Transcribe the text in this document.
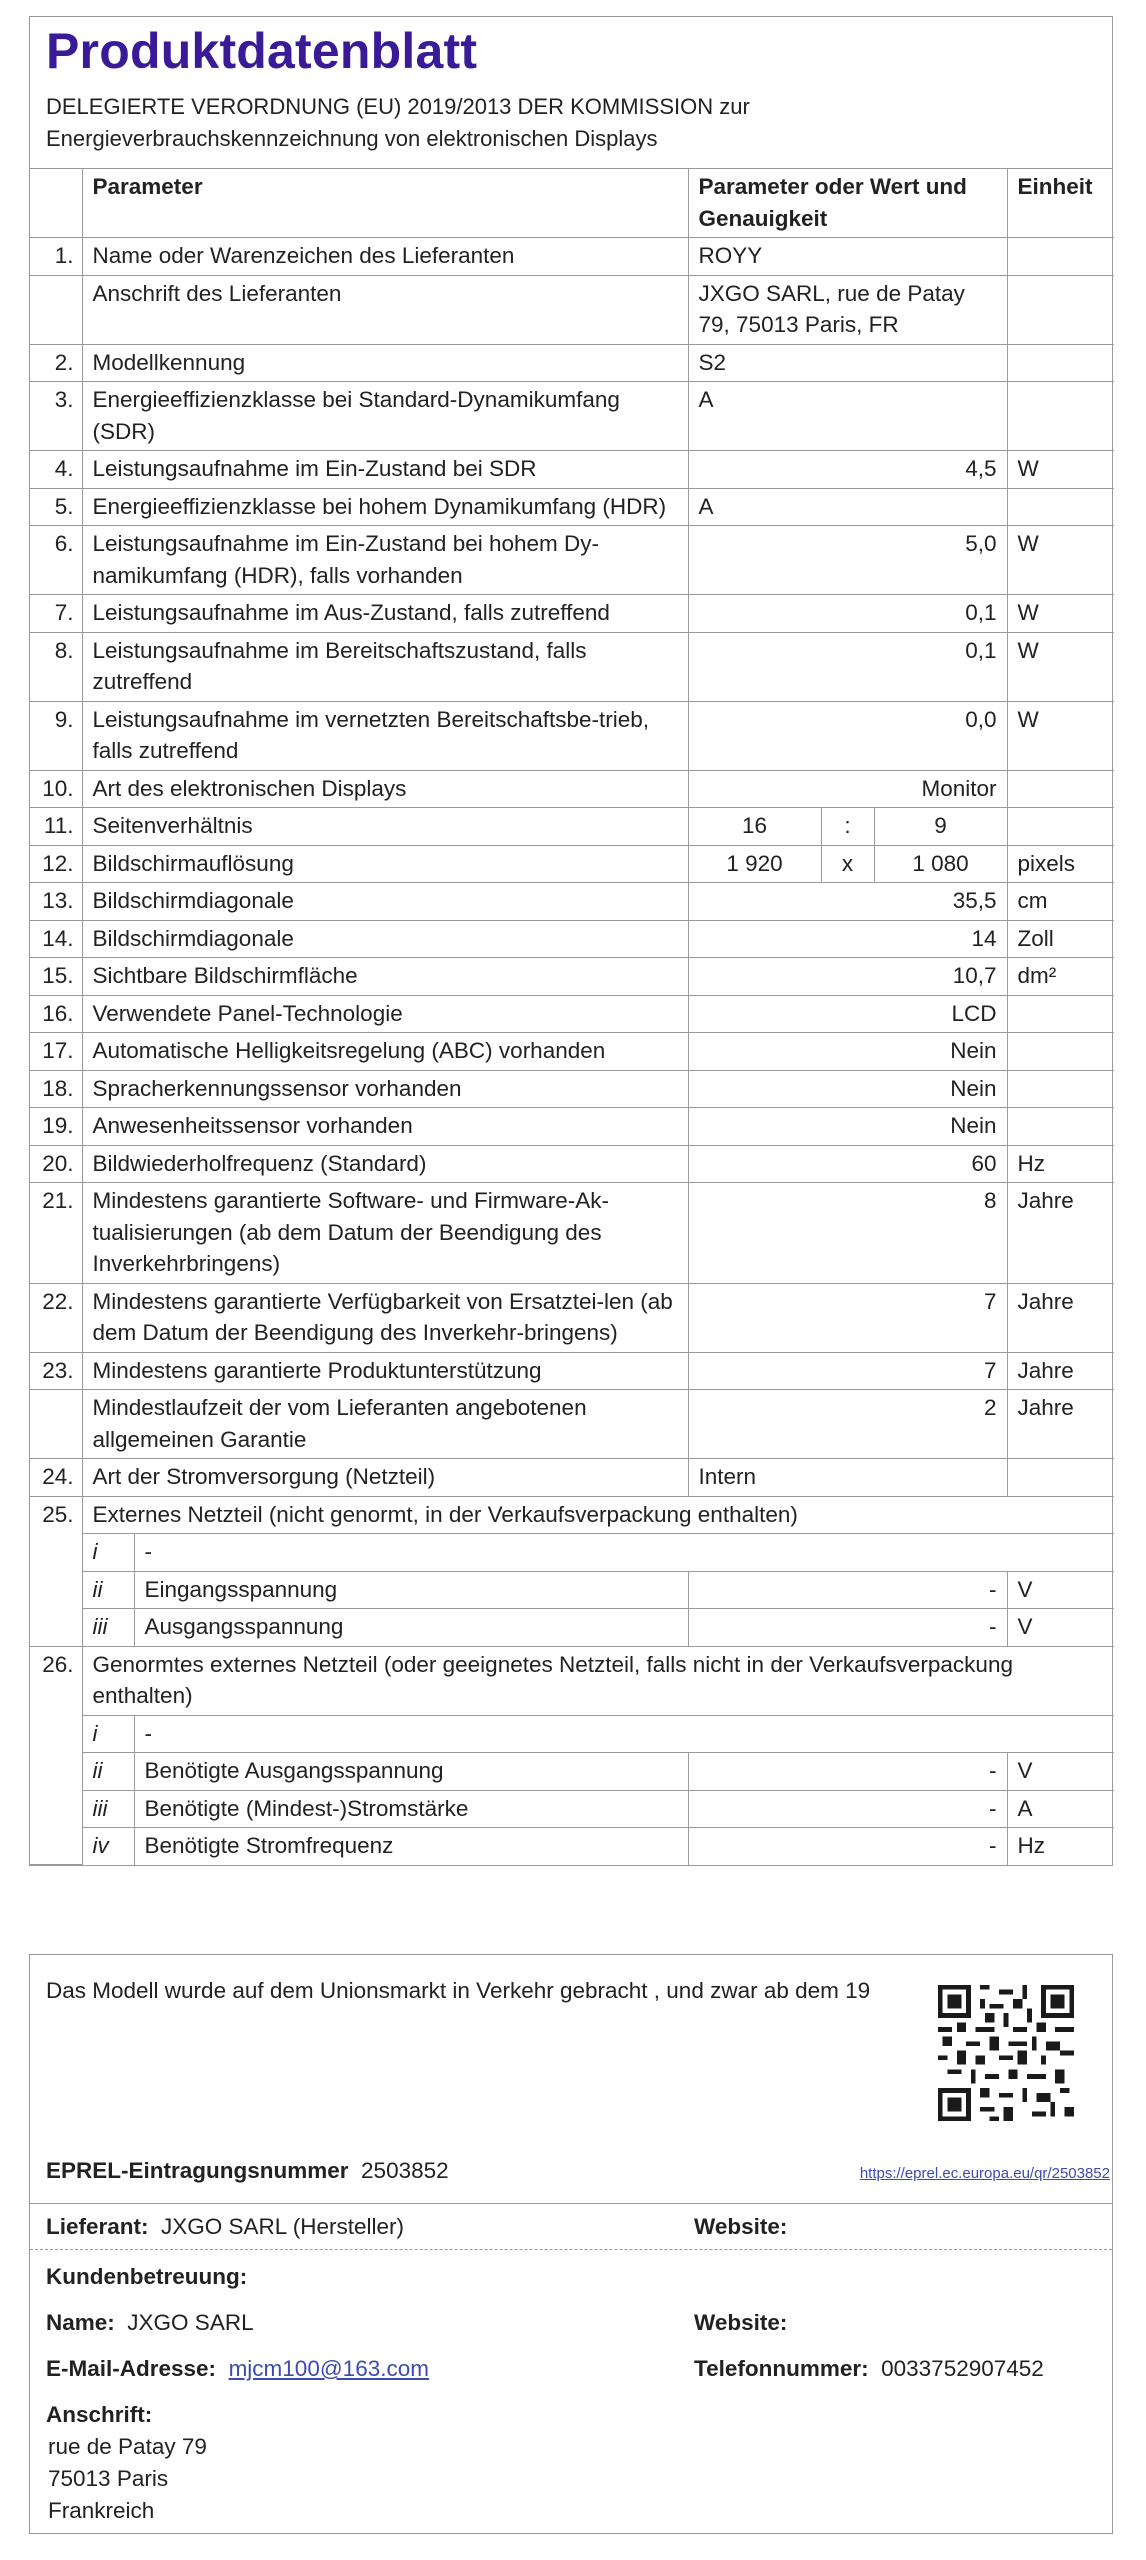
Produktdatenblatt
DELEGIERTE VERORDNUNG (EU) 2019/2013 DER KOMMISSION zur
Energieverbrauchskennzeichnung von elektronischen Displays
	Parameter		Parameter oder Wert und Genauigkeit			Einheit
1.	Name oder Warenzeichen des Lieferanten		ROYY			
	Anschrift des Lieferanten		JXGO SARL, rue de Patay 79, 75013 Paris, FR			
2.	Modellkennung		S2			
3.	Energieeffizienzklasse bei Standard-Dynamikumfang (SDR)		A			
4.	Leistungsaufnahme im Ein-Zustand bei SDR		4,5			W
5.	Energieeffizienzklasse bei hohem Dynamikumfang (HDR)		A			
6.	Leistungsaufnahme im Ein-Zustand bei hohem Dy-namikumfang (HDR), falls vorhanden		5,0			W
7.	Leistungsaufnahme im Aus-Zustand, falls zutreffend		0,1			W
8.	Leistungsaufnahme im Bereitschaftszustand, falls zutreffend		0,1			W
9.	Leistungsaufnahme im vernetzten Bereitschaftsbe-trieb, falls zutreffend		0,0			W
10.	Art des elektronischen Displays		Monitor			
11.	Seitenverhältnis		16	:	9	
12.	Bildschirmauflösung		1 920	x	1 080	pixels
13.	Bildschirmdiagonale		35,5			cm
14.	Bildschirmdiagonale		14			Zoll
15.	Sichtbare Bildschirmfläche		10,7			dm²
16.	Verwendete Panel-Technologie		LCD			
17.	Automatische Helligkeitsregelung (ABC) vorhanden		Nein			
18.	Spracherkennungssensor vorhanden		Nein			
19.	Anwesenheitssensor vorhanden		Nein			
20.	Bildwiederholfrequenz (Standard)		60			Hz
21.	Mindestens garantierte Software- und Firmware-Ak-tualisierungen (ab dem Datum der Beendigung des Inverkehrbringens)		8			Jahre
22.	Mindestens garantierte Verfügbarkeit von Ersatztei-len (ab dem Datum der Beendigung des Inverkehr-bringens)		7			Jahre
23.	Mindestens garantierte Produktunterstützung		7			Jahre
	Mindestlaufzeit der vom Lieferanten angebotenen allgemeinen Garantie		2			Jahre
24.	Art der Stromversorgung (Netzteil)		Intern			
25.	Externes Netzteil (nicht genormt, in der Verkaufsverpackung enthalten)					
	i	-				
	ii	Eingangsspannung	-			V
	iii	Ausgangsspannung	-			V
26.	Genormtes externes Netzteil (oder geeignetes Netzteil, falls nicht in der Verkaufsverpackung enthalten)					
	i	-				
	ii	Benötigte Ausgangsspannung	-			V
	iii	Benötigte (Mindest-)Stromstärke	-			A
	iv	Benötigte Stromfrequenz	-			Hz
Das Modell wurde auf dem Unionsmarkt in Verkehr gebracht , und zwar ab dem 19
EPREL-Eintragungsnummer 2503852	https://eprel.ec.europa.eu/qr/2503852
Lieferant: JXGO SARL (Hersteller)	Website:
Kundenbetreuung:
Name: JXGO SARL	Website:
E-Mail-Adresse: mjcm100@163.com	Telefonnummer: 0033752907452
Anschrift:
rue de Patay 79
75013 Paris
Frankreich
